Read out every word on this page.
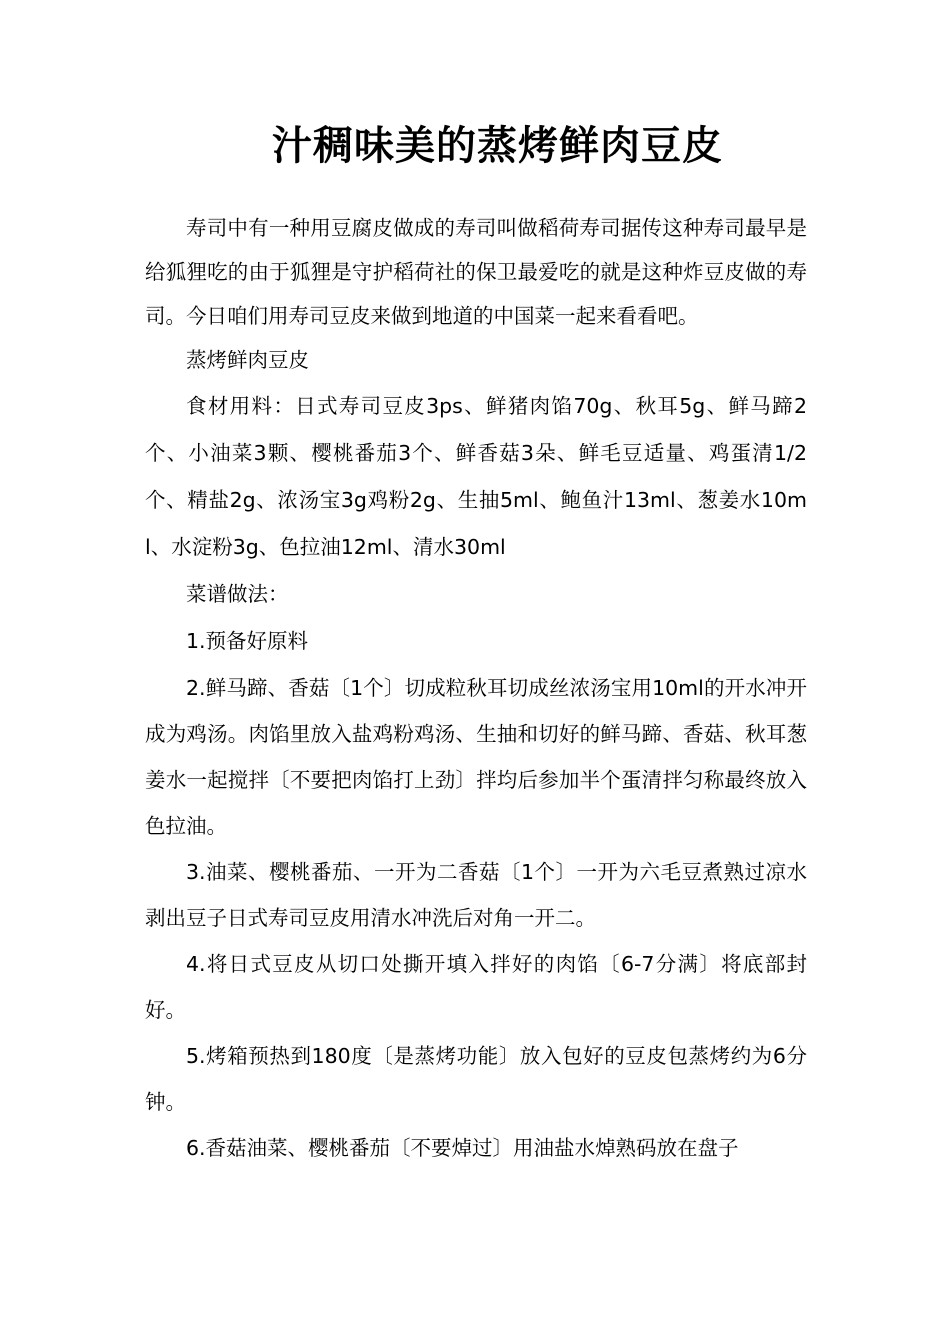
汁稠味美的蒸烤鲜肉豆皮

寿司中有一种用豆腐皮做成的寿司叫做稻荷寿司据传这种寿司最早是给狐狸吃的由于狐狸是守护稻荷社的保卫最爱吃的就是这种炸豆皮做的寿司。今日咱们用寿司豆皮来做到地道的中国菜一起来看看吧。

蒸烤鲜肉豆皮

食材用料：日式寿司豆皮3ps、鲜猪肉馅70g、秋耳5g、鲜马蹄2个、小油菜3颗、樱桃番茄3个、鲜香菇3朵、鲜毛豆适量、鸡蛋清1/2个、精盐2g、浓汤宝3g鸡粉2g、生抽5ml、鲍鱼汁13ml、葱姜水10ml、水淀粉3g、色拉油12ml、清水30ml

菜谱做法：

1.预备好原料

2.鲜马蹄、香菇〔1个〕切成粒秋耳切成丝浓汤宝用10ml的开水冲开成为鸡汤。肉馅里放入盐鸡粉鸡汤、生抽和切好的鲜马蹄、香菇、秋耳葱姜水一起搅拌〔不要把肉馅打上劲〕拌均后参加半个蛋清拌匀称最终放入色拉油。

3.油菜、樱桃番茄、一开为二香菇〔1个〕一开为六毛豆煮熟过凉水剥出豆子日式寿司豆皮用清水冲洗后对角一开二。

4.将日式豆皮从切口处撕开填入拌好的肉馅〔6-7分满〕将底部封好。

5.烤箱预热到180度〔是蒸烤功能〕放入包好的豆皮包蒸烤约为6分钟。

6.香菇油菜、樱桃番茄〔不要焯过〕用油盐水焯熟码放在盘子
